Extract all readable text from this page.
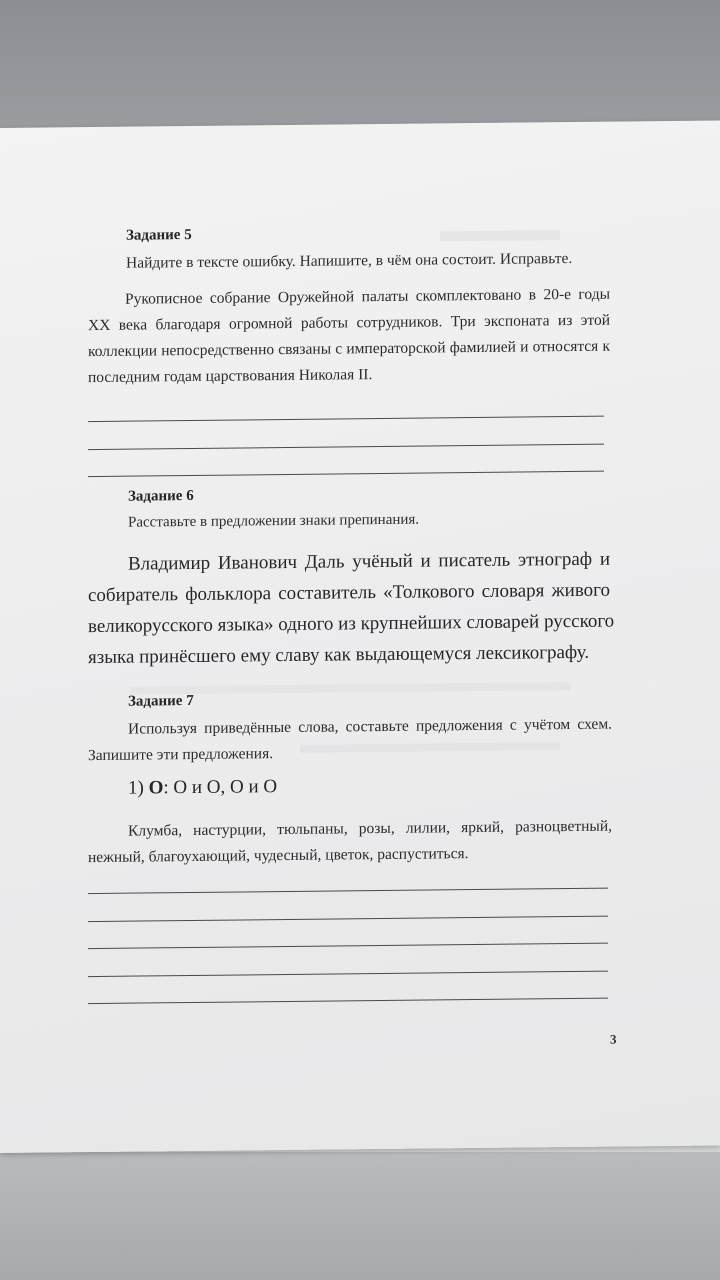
Задание 5
Найдите в тексте ошибку. Напишите, в чём она состоит. Исправьте.
Рукописное собрание Оружейной палаты скомплектовано в 20-е годы
XX века благодаря огромной работы сотрудников. Три экспоната из этой
коллекции непосредственно связаны с императорской фамилией и относятся к
последним годам царствования Николая II.
Задание 6
Расставьте в предложении знаки препинания.
Владимир Иванович Даль учёный и писатель этнограф и
собиратель фольклора составитель «Толкового словаря живого
великорусского языка» одного из крупнейших словарей русского
языка принёсшего ему славу как выдающемуся лексикографу.
Задание 7
Используя приведённые слова, составьте предложения с учётом схем.
Запишите эти предложения.
1) О: О и О, О и О
Клумба, настурции, тюльпаны, розы, лилии, яркий, разноцветный,
нежный, благоухающий, чудесный, цветок, распуститься.
3
